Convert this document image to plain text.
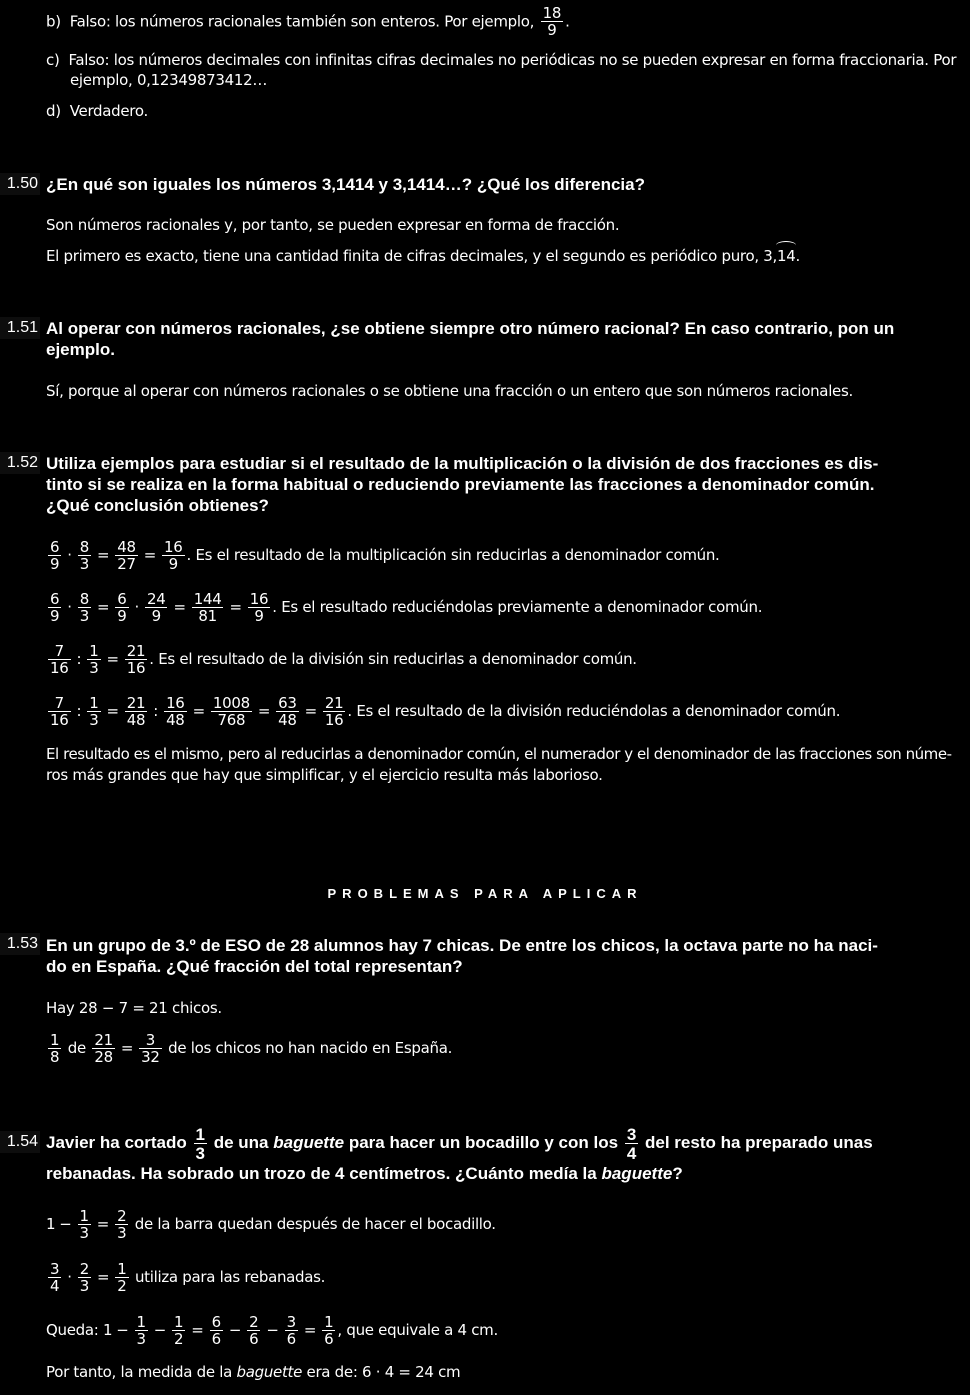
b) Falso: los números racionales también son enteros. Por ejemplo, $\frac{18}{9}$ .
c) Falso: los números decimales con infinitas cifras decimales no periódicas no se pueden expresar en forma fraccionaria. Por
ejemplo, 0,12349873412…
d) Verdadero.
1.50 ¿En qué son iguales los números 3,1414 y 3,1414…? ¿Qué los diferencia?
Son números racionales y, por tanto, se pueden expresar en forma de fracción.
El primero es exacto, tiene una cantidad finita de cifras decimales, y el segundo es periódico puro, 3,14.
1.51 Al operar con números racionales, ¿se obtiene siempre otro número racional? En caso contrario, pon un
ejemplo.
Sí, porque al operar con números racionales o se obtiene una fracción o un entero que son números racionales.
1.52 Utiliza ejemplos para estudiar si el resultado de la multiplicación o la división de dos fracciones es dis-
tinto si se realiza en la forma habitual o reduciendo previamente las fracciones a denominador común.
¿Qué conclusión obtienes?
$\frac{6}{9} \cdot \frac{8}{3} = \frac{48}{27} = \frac{16}{9}$ . Es el resultado de la multiplicación sin reducirlas a denominador común.
$\frac{6}{9} \cdot \frac{8}{3} = \frac{6}{9} \cdot \frac{24}{9} = \frac{144}{81} = \frac{16}{9}$ . Es el resultado reduciéndolas previamente a denominador común.
$\frac{7}{16}$ : $\frac{1}{3} = \frac{21}{16}$ . Es el resultado de la división sin reducirlas a denominador común.
$\frac{7}{16}$ : $\frac{1}{3} = \frac{21}{48}$ : $\frac{16}{48} = \frac{1008}{768} = \frac{63}{48} = \frac{21}{16}$ . Es el resultado de la división reduciéndolas a denominador común.
El resultado es el mismo, pero al reducirlas a denominador común, el numerador y el denominador de las fracciones son núme-
ros más grandes que hay que simplificar, y el ejercicio resulta más laborioso.
PROBLEMAS PARA APLICAR
1.53 En un grupo de 3.º de ESO de 28 alumnos hay 7 chicas. De entre los chicos, la octava parte no ha naci-
do en España. ¿Qué fracción del total representan?
Hay 28 − 7 = 21 chicos.
$\frac{1}{8}$ de $\frac{21}{28} = \frac{3}{32}$ de los chicos no han nacido en España.
1.54 Javier ha cortado $\frac{1}{3}$ de una baguette para hacer un bocadillo y con los $\frac{3}{4}$ del resto ha preparado unas
rebanadas. Ha sobrado un trozo de 4 centímetros. ¿Cuánto medía la baguette?
$1 - \frac{1}{3} = \frac{2}{3}$ de la barra quedan después de hacer el bocadillo.
$\frac{3}{4} \cdot \frac{2}{3} = \frac{1}{2}$ utiliza para las rebanadas.
Queda: $1 - \frac{1}{3} - \frac{1}{2} = \frac{6}{6} - \frac{2}{6} - \frac{3}{6} = \frac{1}{6}$ , que equivale a 4 cm.
Por tanto, la medida de la baguette era de: 6 · 4 = 24 cm
